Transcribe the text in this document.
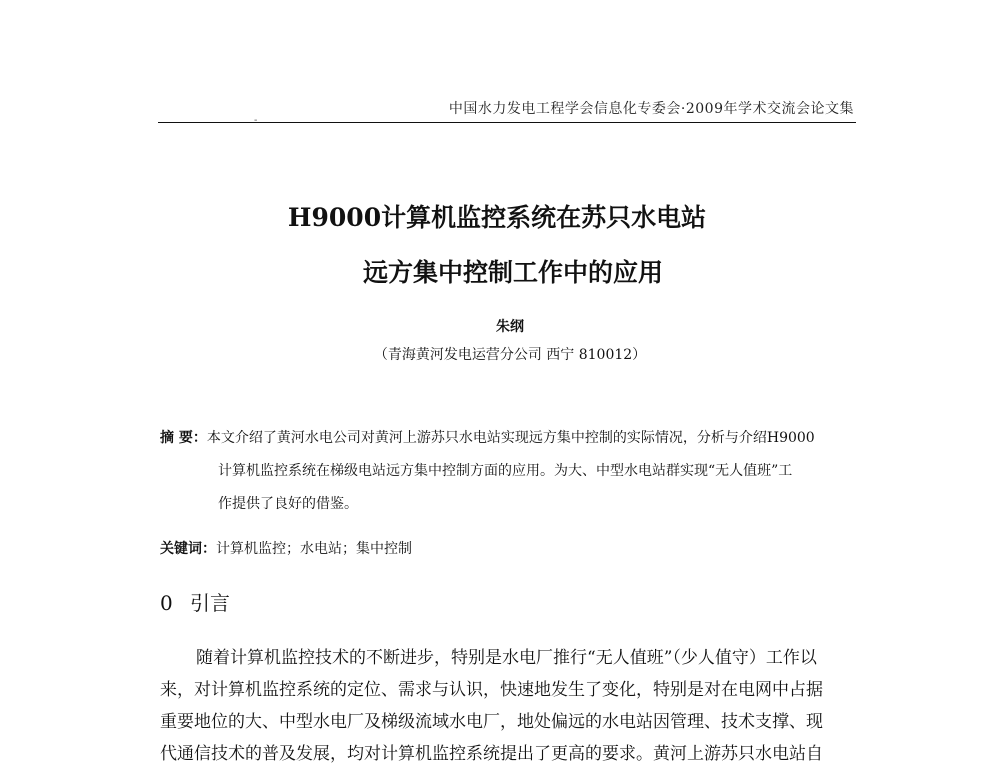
中国水力发电工程学会信息化专委会·2009年学术交流会论文集
-
H9000计算机监控系统在苏只水电站
远方集中控制工作中的应用
朱纲
（青海黄河发电运营分公司 西宁 810012）
摘 要：本文介绍了黄河水电公司对黄河上游苏只水电站实现远方集中控制的实际情况，分析与介绍H9000
计算机监控系统在梯级电站远方集中控制方面的应用。为大、中型水电站群实现“无人值班”工
作提供了良好的借鉴。
关键词：计算机监控；水电站；集中控制
0 引言
随着计算机监控技术的不断进步，特别是水电厂推行“无人值班”（少人值守）工作以
来，对计算机监控系统的定位、需求与认识，快速地发生了变化，特别是对在电网中占据
重要地位的大、中型水电厂及梯级流域水电厂，地处偏远的水电站因管理、技术支撑、现
代通信技术的普及发展，均对计算机监控系统提出了更高的要求。黄河上游苏只水电站自
